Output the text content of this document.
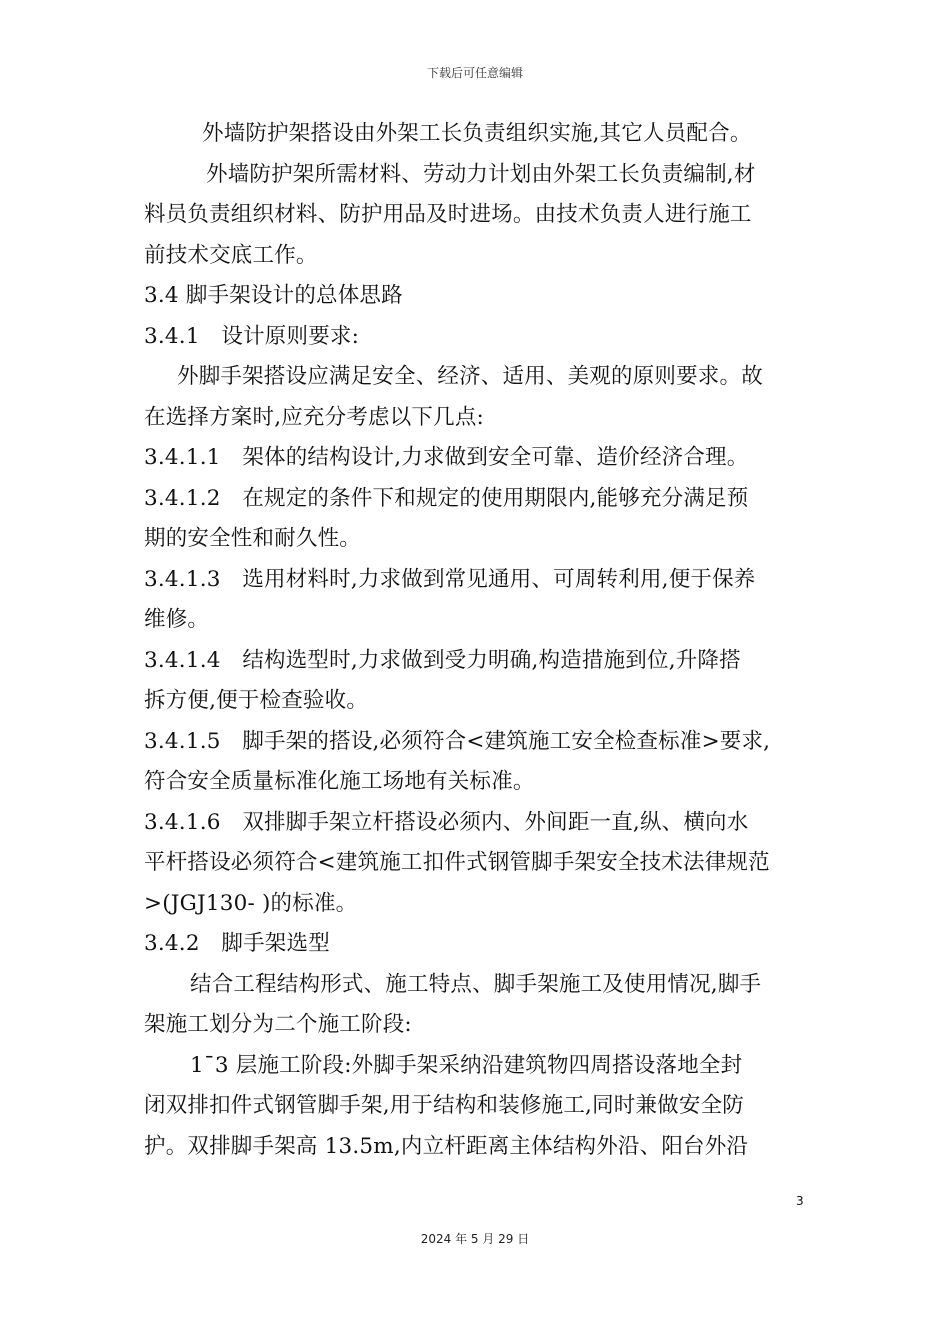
下载后可任意编辑
外墙防护架搭设由外架工长负责组织实施,其它人员配合。
外墙防护架所需材料、劳动力计划由外架工长负责编制,材
料员负责组织材料、防护用品及时进场。由技术负责人进行施工
前技术交底工作。
3.4 脚手架设计的总体思路
3.4.1　设计原则要求:
外脚手架搭设应满足安全、经济、适用、美观的原则要求。故
在选择方案时,应充分考虑以下几点:
3.4.1.1　架体的结构设计,力求做到安全可靠、造价经济合理。
3.4.1.2　在规定的条件下和规定的使用期限内,能够充分满足预
期的安全性和耐久性。
3.4.1.3　选用材料时,力求做到常见通用、可周转利用,便于保养
维修。
3.4.1.4　结构选型时,力求做到受力明确,构造措施到位,升降搭
拆方便,便于检查验收。
3.4.1.5　脚手架的搭设,必须符合<建筑施工安全检查标准>要求,
符合安全质量标准化施工场地有关标准。
3.4.1.6　双排脚手架立杆搭设必须内、外间距一直,纵、横向水
平杆搭设必须符合<建筑施工扣件式钢管脚手架安全技术法律规范
>(JGJ130- )的标准。
3.4.2　脚手架选型
结合工程结构形式、施工特点、脚手架施工及使用情况,脚手
架施工划分为二个施工阶段:
1¯3 层施工阶段:外脚手架采纳沿建筑物四周搭设落地全封
闭双排扣件式钢管脚手架,用于结构和装修施工,同时兼做安全防
护。双排脚手架高 13.5m,内立杆距离主体结构外沿、阳台外沿
3
2024 年 5 月 29 日
